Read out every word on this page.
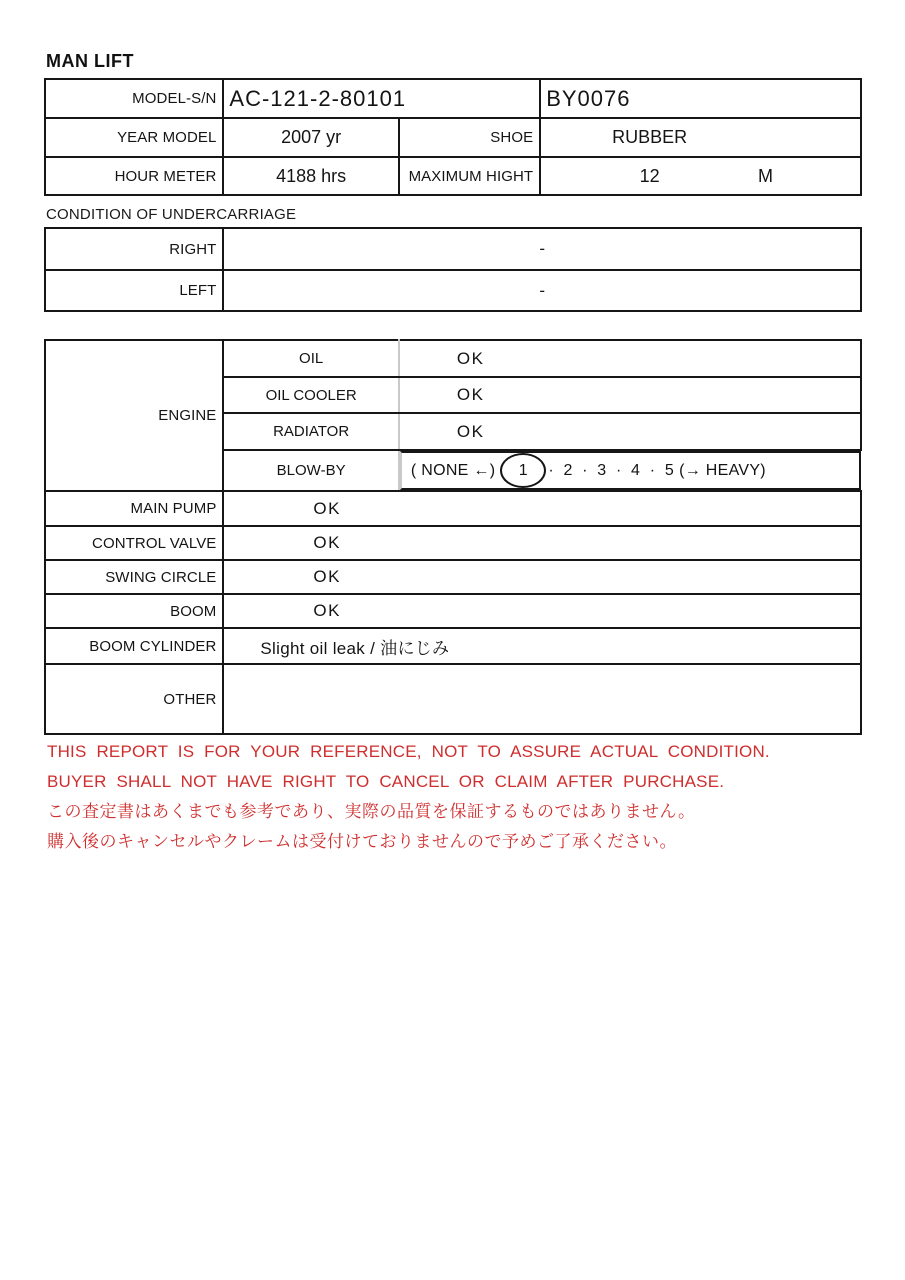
MAN LIFT
MODEL-S/N	AC-121-2-80101		BY0076
YEAR MODEL	2007 yr	SHOE	RUBBER

HOUR METER	4188 hrs	MAXIMUM HIGHT	12 M
CONDITION OF UNDERCARRIAGE
RIGHT	-
LEFT	-
ENGINE	OIL	OK
	OIL COOLER	OK
	RADIATOR	OK
	BLOW-BY		( NONE ←) 1 ·  2  ·  3  ·  4  ·  5 (→ HEAVY)

MAIN PUMP	OK	
CONTROL VALVE	OK	
SWING CIRCLE	OK	
BOOM	OK	
BOOM CYLINDER	Slight oil leak / 油にじみ	
OTHER		
THIS REPORT IS FOR YOUR REFERENCE, NOT TO ASSURE ACTUAL CONDITION.
BUYER SHALL NOT HAVE RIGHT TO CANCEL OR CLAIM AFTER PURCHASE.
この査定書はあくまでも参考であり、実際の品質を保証するものではありません。
購入後のキャンセルやクレームは受付けておりませんので予めご了承ください。
